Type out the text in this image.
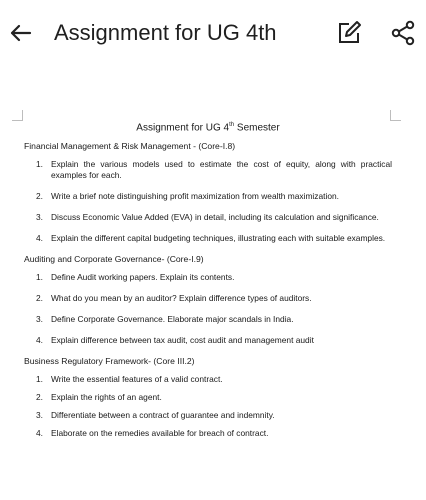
Assignment for UG 4th
Assignment for UG 4th Semester
Financial Management & Risk Management - (Core-I.8)
1. Explain the various models used to estimate the cost of equity, along with practical examples for each.
2. Write a brief note distinguishing profit maximization from wealth maximization.
3. Discuss Economic Value Added (EVA) in detail, including its calculation and significance.
4. Explain the different capital budgeting techniques, illustrating each with suitable examples.
Auditing and Corporate Governance- (Core-I.9)
1. Define Audit working papers. Explain its contents.
2. What do you mean by an auditor? Explain difference types of auditors.
3. Define Corporate Governance. Elaborate major scandals in India.
4. Explain difference between tax audit, cost audit and management audit
Business Regulatory Framework- (Core III.2)
1. Write the essential features of a valid contract.
2. Explain the rights of an agent.
3. Differentiate between a contract of guarantee and indemnity.
4. Elaborate on the remedies available for breach of contract.
